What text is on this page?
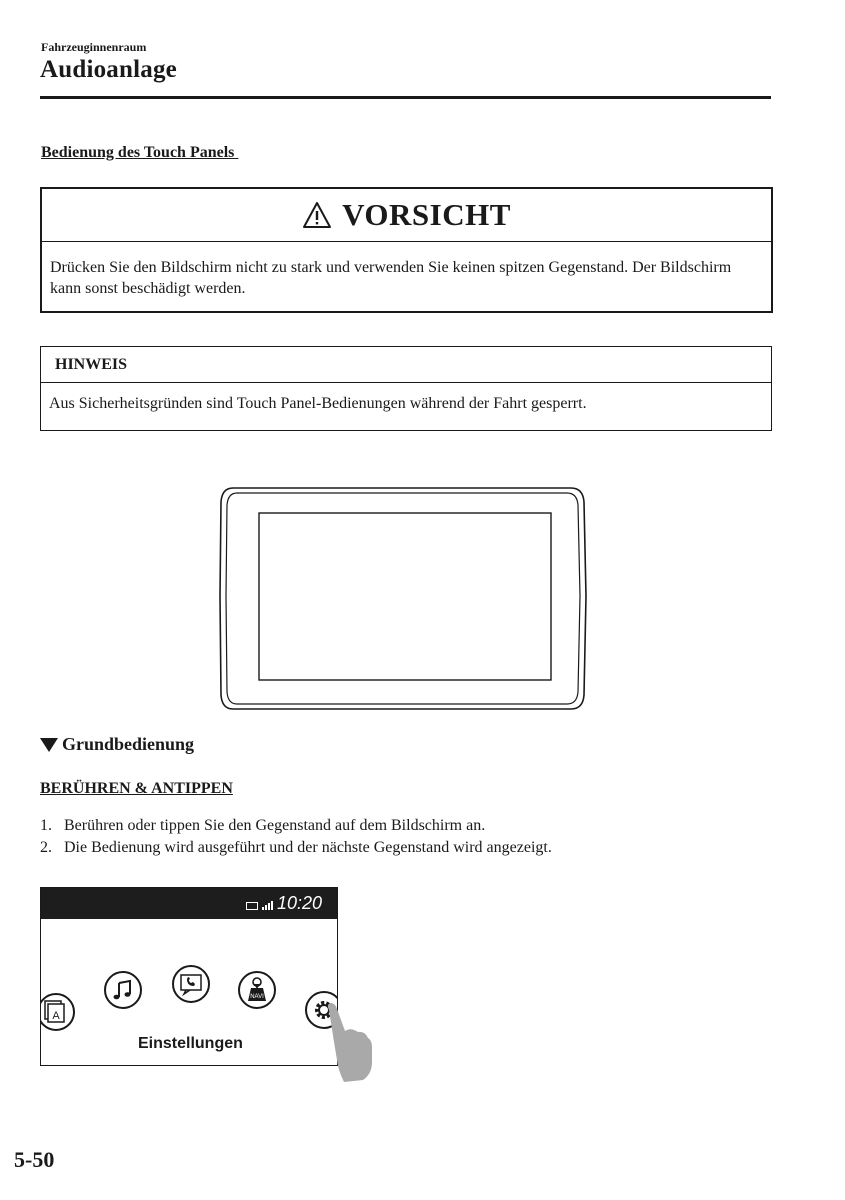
Fahrzeuginnenraum
Audioanlage
Bedienung des Touch Panels
VORSICHT
Drücken Sie den Bildschirm nicht zu stark und verwenden Sie keinen spitzen Gegenstand. Der Bildschirm kann sonst beschädigt werden.
HINWEIS
Aus Sicherheitsgründen sind Touch Panel-Bedienungen während der Fahrt gesperrt.
Grundbedienung
BERÜHREN & ANTIPPEN
1. Berühren oder tippen Sie den Gegenstand auf dem Bildschirm an.
2. Die Bedienung wird ausgeführt und der nächste Gegenstand wird angezeigt.
10:20
A
NAVI
Einstellungen
5-50
